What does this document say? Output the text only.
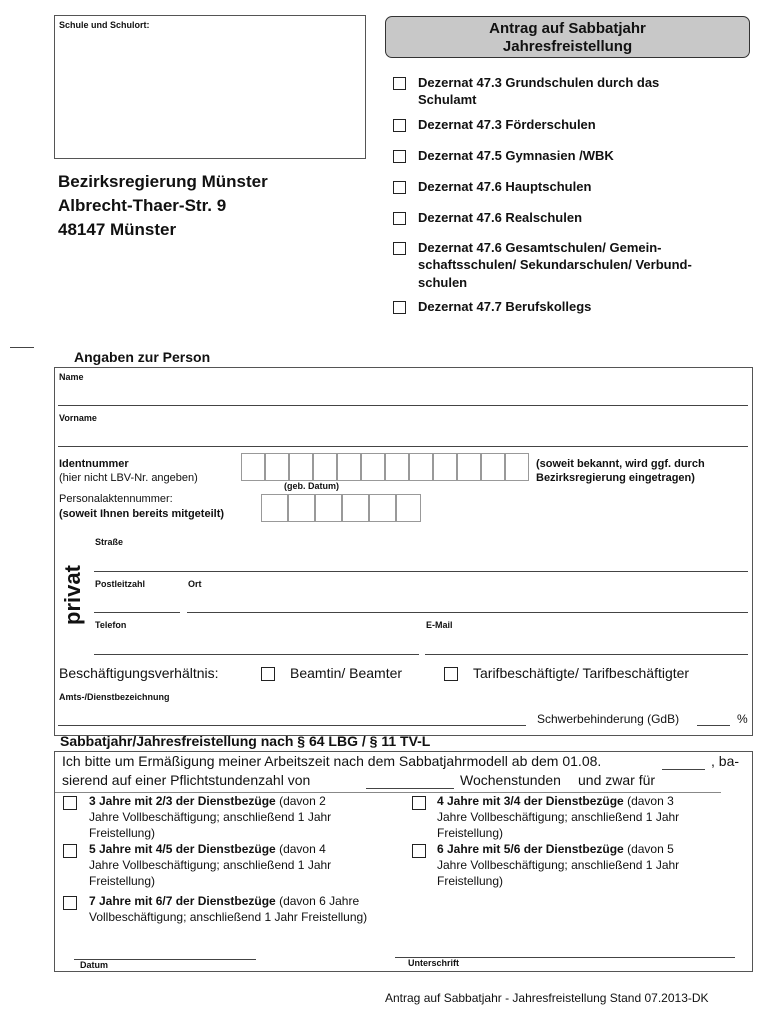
Schule und Schulort:	Antrag auf Sabbatjahr
Jahresfreistellung
Dezernat 47.3 Grundschulen durch das
Schulamt
Dezernat 47.3 Förderschulen
Dezernat 47.5 Gymnasien /WBK
Dezernat 47.6 Hauptschulen
Dezernat 47.6 Realschulen
Dezernat 47.6 Gesamtschulen/ Gemein-
schaftsschulen/ Sekundarschulen/ Verbund-
schulen
Dezernat 47.7 Berufskollegs
Bezirksregierung Münster
Albrecht-Thaer-Str. 9
48147 Münster
Angaben zur Person
Name
Vorname
Identnummer
(hier nicht LBV-Nr. angeben)
(geb. Datum)
(soweit bekannt, wird ggf. durch
Bezirksregierung eingetragen)
Personalaktennummer:
(soweit Ihnen bereits mitgeteilt)
privat
Straße
Postleitzahl	Ort
Telefon	E-Mail
Beschäftigungsverhältnis:	Beamtin/ Beamter	Tarifbeschäftigte/ Tarifbeschäftigter
Amts-/Dienstbezeichnung
Schwerbehinderung (GdB)	%
Sabbatjahr/Jahresfreistellung nach § 64 LBG / § 11 TV-L
Ich bitte um Ermäßigung meiner Arbeitszeit nach dem Sabbatjahrmodell ab dem 01.08.	, ba-
sierend auf einer Pflichtstundenzahl von	Wochenstunden und zwar für
3 Jahre mit 2/3 der Dienstbezüge (davon 2
Jahre Vollbeschäftigung; anschließend 1 Jahr
Freistellung)
4 Jahre mit 3/4 der Dienstbezüge (davon 3
Jahre Vollbeschäftigung; anschließend 1 Jahr
Freistellung)
5 Jahre mit 4/5 der Dienstbezüge (davon 4
Jahre Vollbeschäftigung; anschließend 1 Jahr
Freistellung)
6 Jahre mit 5/6 der Dienstbezüge (davon 5
Jahre Vollbeschäftigung; anschließend 1 Jahr
Freistellung)
7 Jahre mit 6/7 der Dienstbezüge (davon 6 Jahre
Vollbeschäftigung; anschließend 1 Jahr Freistellung)
Datum	Unterschrift
Antrag auf Sabbatjahr - Jahresfreistellung Stand 07.2013-DK
